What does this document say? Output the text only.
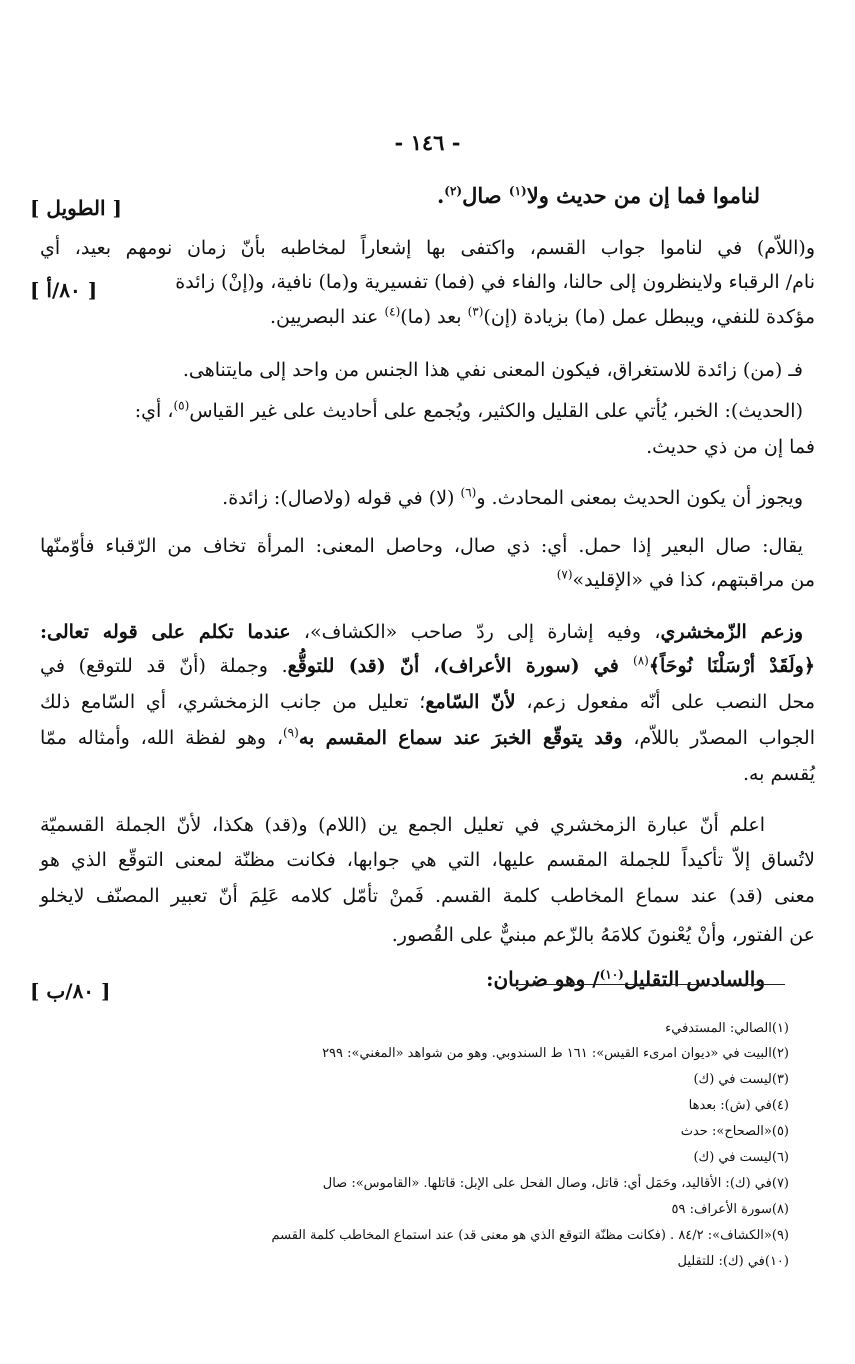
- ١٤٦ -
لناموا فما إن من حديث ولا$^{(١)}$ صال$^{(٢)}$.
[ الطويل ]
و(اللاّم) في لناموا جواب القسم، واكتفى بها إشعاراً لمخاطبه بأنّ زمان نومهم بعيد، أي
نام/ الرقباء ولاينظرون إلى حالنا، والفاء في (فما) تفسيرية و(ما) نافية، و(إنْ) زائدة
[ ٨٠/أ ]
مؤكدة للنفي، ويبطل عمل (ما) بزيادة (إن)$^{(٣)}$ بعد (ما)$^{(٤)}$ عند البصريين.
فـ (من) زائدة للاستغراق، فيكون المعنى نفي هذا الجنس من واحد إلى مايتناهى.
(الحديث): الخبر، يُأتي على القليل والكثير، ويُجمع على أحاديث على غير القياس$^{(٥)}$، أي:
فما إن من ذي حديث.
ويجوز أن يكون الحديث بمعنى المحادث. و$^{(٦)}$ (لا) في قوله (ولاصال): زائدة.
يقال: صال البعير إذا حمل. أي: ذي صال، وحاصل المعنى: المرأة تخاف من الرّقباء فأوّمنّها
من مراقبتهم، كذا في «الإقليد»$^{(٧)}$
وزعم الزّمخشري، وفيه إشارة إلى ردّ صاحب «الكشاف»، عندما تكلم على قوله تعالى:
﴿ولَقَدْ أرْسَلْنَا نُوحَاً﴾$^{(٨)}$ في (سورة الأعراف)، أنّ (قد) للتوقُّع. وجملة (أنّ قد للتوقع) في
محل النصب على أنّه مفعول زعم، لأنّ السّامع؛ تعليل من جانب الزمخشري، أي السّامع ذلك
الجواب المصدّر باللاّم، وقد يتوقّع الخبرَ عند سماع المقسم به$^{(٩)}$، وهو لفظة الله، وأمثاله ممّا
يُقسم به.
اعلم أنّ عبارة الزمخشري في تعليل الجمع ين (اللام) و(قد) هكذا، لأنّ الجملة القسميّة
لاتُساق إلاّ تأكيداً للجملة المقسم عليها، التي هي جوابها، فكانت مظنّة لمعنى التوقّع الذي هو
معنى (قد) عند سماع المخاطب كلمة القسم. فَمنْ تأمّل كلامه عَلِمَ أنّ تعبير المصنّف لايخلو
عن الفتور، وأنْ يُعْنونَ كلامَهُ بالزّعم مبنيٌّ على القُصور.
والسادس التقليل$^{(١٠)}$/ وهو ضربان:
[ ٨٠/ب ]
(١)الصالي: المستدفيء
(٢)البيت في «ديوان امرىء القيس»: ١٦١ ط السندوبي. وهو من شواهد «المغني»: ٢٩٩
(٣)ليست في (ك)
(٤)في (ش): بعدها
(٥)«الصحاح»: حدث
(٦)ليست في (ك)
(٧)في (ك): الأقاليد، وحَمَل أي: قاتل، وصال الفحل على الإبل: قاتلها. «القاموس»: صال
(٨)سورة الأعراف: ٥٩
(٩)«الكشاف»: ٨٤/٢ . (فكانت مظنّة التوقع الذي هو معنى قد) عند استماع المخاطب كلمة القسم
(١٠)في (ك): للتقليل
